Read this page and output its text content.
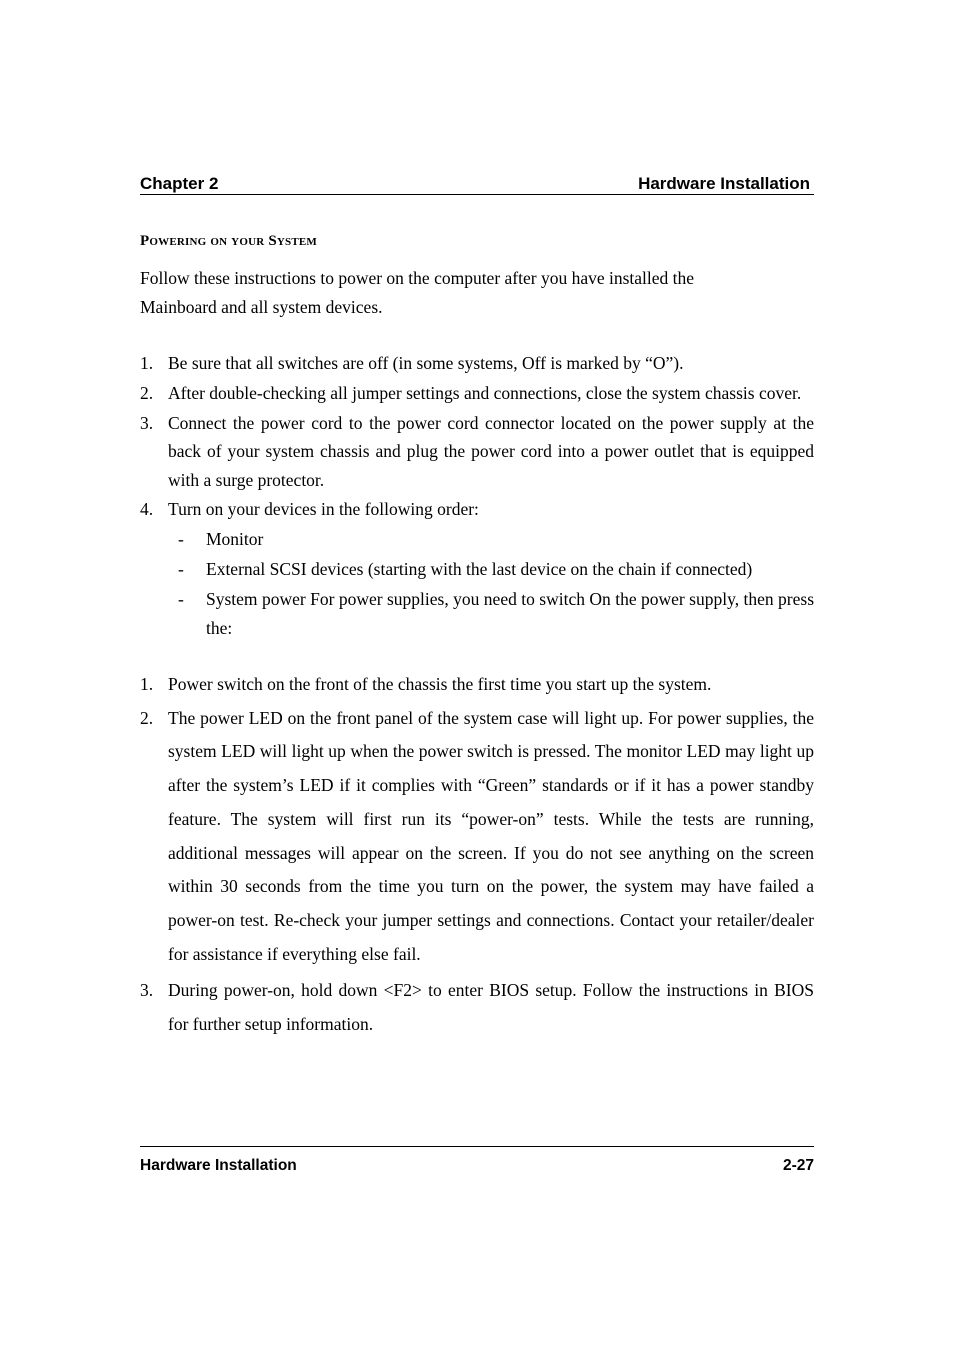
Chapter 2	Hardware Installation
Powering on your System
Follow these instructions to power on the computer after you have installed the
Mainboard and all system devices.
1. Be sure that all switches are off (in some systems, Off is marked by “O”).
2. After double-checking all jumper settings and connections, close the system chassis cover.
3. Connect the power cord to the power cord connector located on the power supply at the back of your system chassis and plug the power cord into a power outlet that is equipped with a surge protector.
4. Turn on your devices in the following order:
- Monitor
- External SCSI devices (starting with the last device on the chain if connected)
- System power For power supplies, you need to switch On the power supply, then press the:
1. Power switch on the front of the chassis the first time you start up the system.
2. The power LED on the front panel of the system case will light up. For power supplies, the system LED will light up when the power switch is pressed. The monitor LED may light up after the system’s LED if it complies with “Green” standards or if it has a power standby feature. The system will first run its “power-on” tests. While the tests are running, additional messages will appear on the screen. If you do not see anything on the screen within 30 seconds from the time you turn on the power, the system may have failed a power-on test. Re-check your jumper settings and connections. Contact your retailer/dealer for assistance if everything else fail.
3. During power-on, hold down <F2> to enter BIOS setup. Follow the instructions in BIOS for further setup information.
Hardware Installation	2-27
